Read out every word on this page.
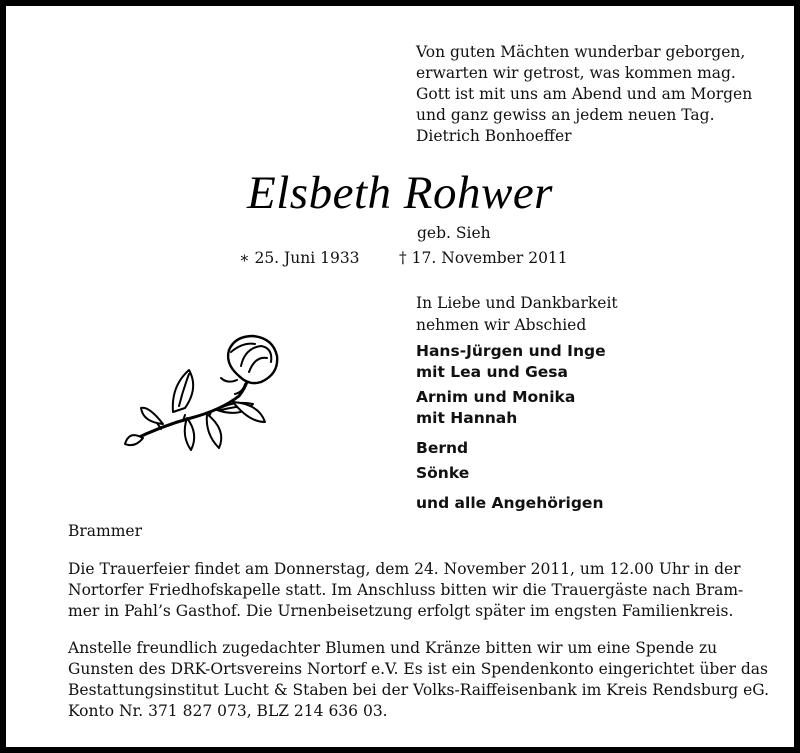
Von guten Mächten wunderbar geborgen,
erwarten wir getrost, was kommen mag.
Gott ist mit uns am Abend und am Morgen
und ganz gewiss an jedem neuen Tag.
Dietrich Bonhoeffer
Elsbeth Rohwer
geb. Sieh
∗ 25. Juni 1933	† 17. November 2011
In Liebe und Dankbarkeit
nehmen wir Abschied
Hans-Jürgen und Inge
mit Lea und Gesa
Arnim und Monika
mit Hannah
Bernd
Sönke
und alle Angehörigen
Brammer
Die Trauerfeier findet am Donnerstag, dem 24. November 2011, um 12.00 Uhr in der
Nortorfer Friedhofskapelle statt. Im Anschluss bitten wir die Trauergäste nach Bram-
mer in Pahl’s Gasthof. Die Urnenbeisetzung erfolgt später im engsten Familienkreis.
Anstelle freundlich zugedachter Blumen und Kränze bitten wir um eine Spende zu
Gunsten des DRK-Ortsvereins Nortorf e.V. Es ist ein Spendenkonto eingerichtet über das
Bestattungsinstitut Lucht & Staben bei der Volks-Raiffeisenbank im Kreis Rendsburg eG.
Konto Nr. 371 827 073, BLZ 214 636 03.
